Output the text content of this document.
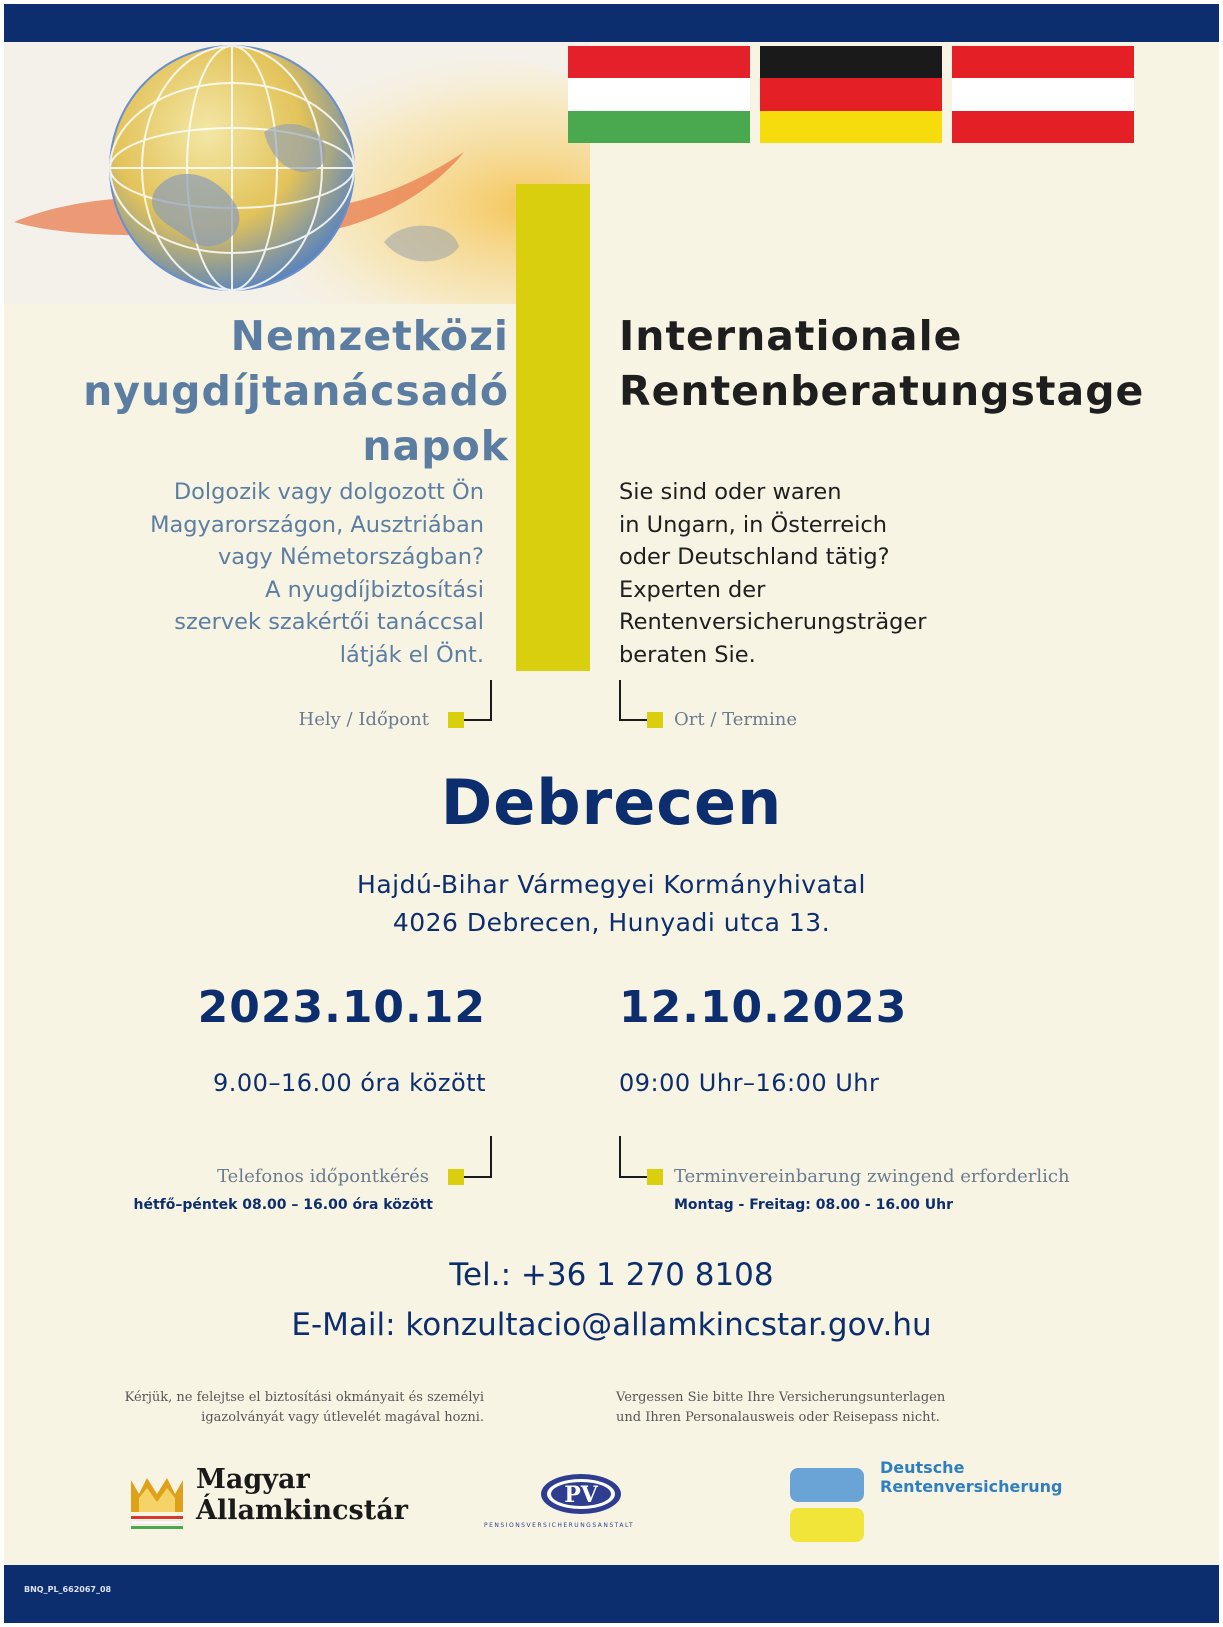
Nemzetközi
nyugdíjtanácsadó
napok
Internationale
Rentenberatungstage
Dolgozik vagy dolgozott Ön
Magyarországon, Ausztriában
vagy Németországban?
A nyugdíjbiztosítási
szervek szakértői tanáccsal
látják el Önt.
Sie sind oder waren
in Ungarn, in Österreich
oder Deutschland tätig?
Experten der
Rentenversicherungsträger
beraten Sie.
Hely / Időpont	Ort / Termine
Debrecen
Hajdú-Bihar Vármegyei Kormányhivatal
4026 Debrecen, Hunyadi utca 13.
2023.10.12	12.10.2023
9.00–16.00 óra között	09:00 Uhr–16:00 Uhr
Telefonos időpontkérés
hétfő–péntek 08.00 – 16.00 óra között
Terminvereinbarung zwingend erforderlich
Montag - Freitag: 08.00 - 16.00 Uhr
Tel.: +36 1 270 8108
E-Mail: konzultacio@allamkincstar.gov.hu
Kérjük, ne felejtse el biztosítási okmányait és személyi
igazolványát vagy útlevelét magával hozni.
Vergessen Sie bitte Ihre Versicherungsunterlagen
und Ihren Personalausweis oder Reisepass nicht.
Magyar
Államkincstár	PV
PENSIONSVERSICHERUNGSANSTALT
Deutsche
Rentenversicherung
BNQ_PL_662067_08
